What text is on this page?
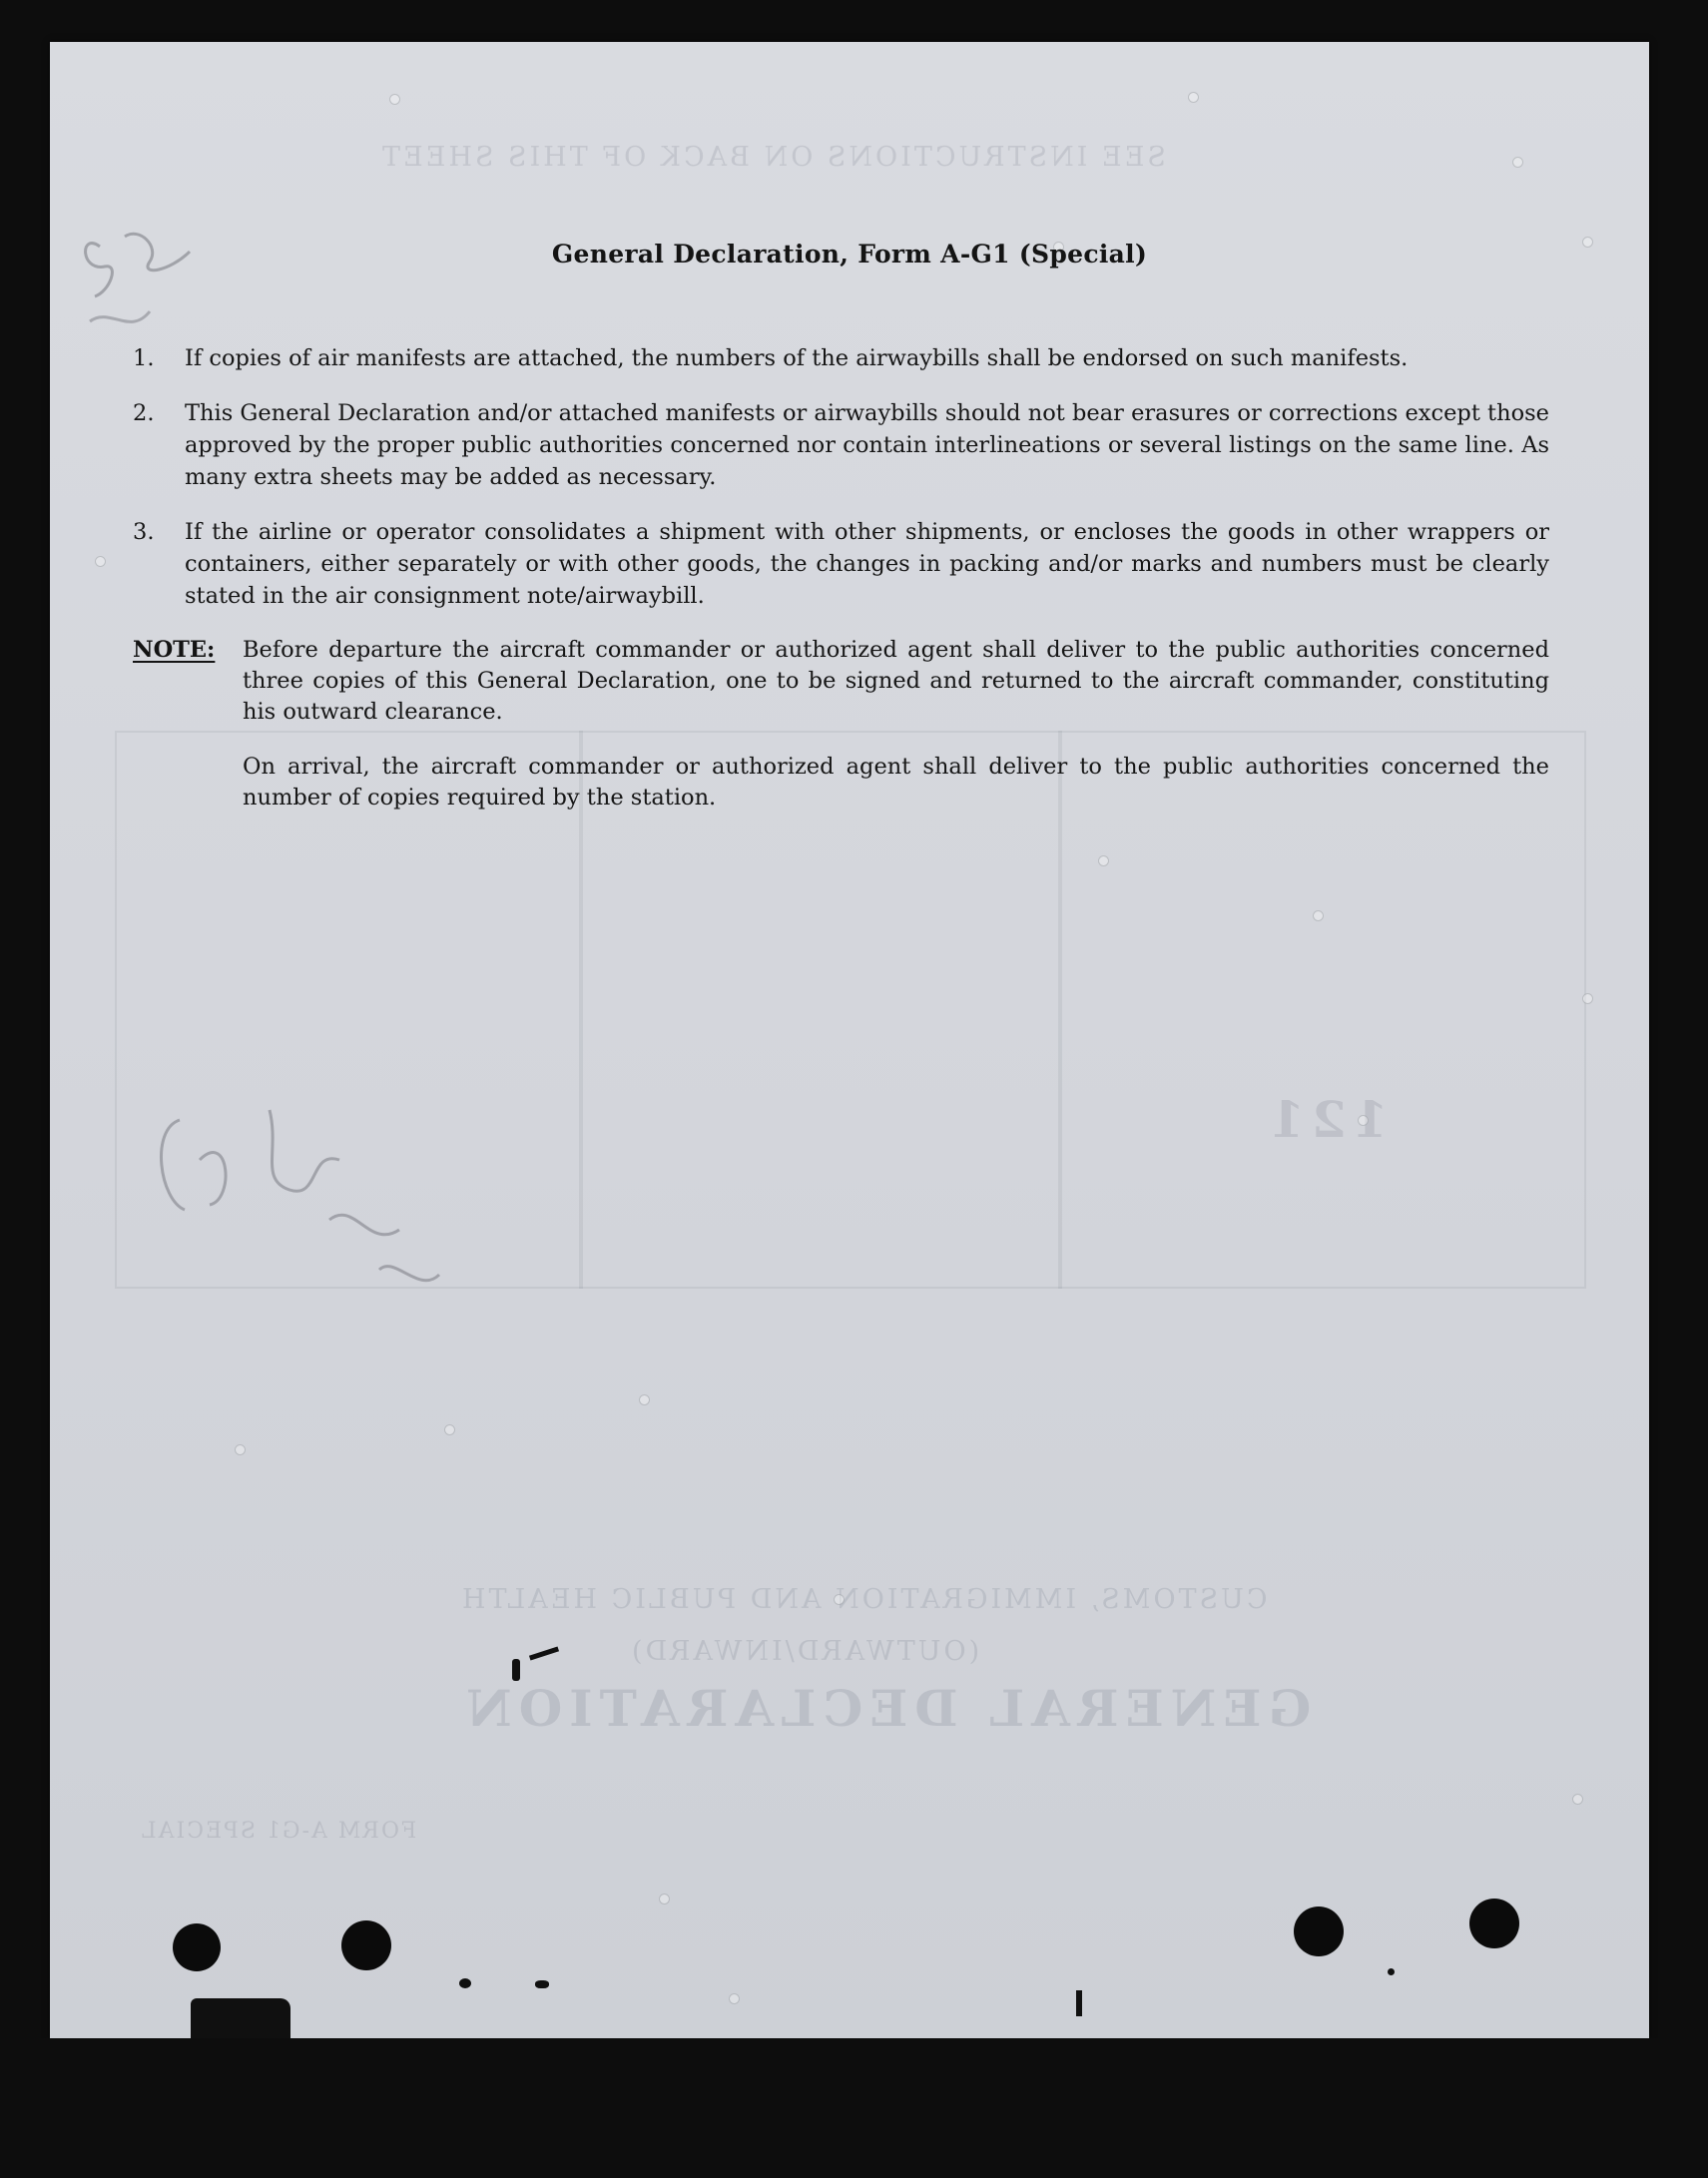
SEE INSTRUCTIONS ON BACK OF THIS SHEET
GENERAL DECLARATION
(OUTWARD/INWARD)
CUSTOMS, IMMIGRATION AND PUBLIC HEALTH
FORM A-G1 SPECIAL
121
General Declaration, Form A-G1 (Special)
1. If copies of air manifests are attached, the numbers of the airwaybills shall be endorsed on such manifests.
2. This General Declaration and/or attached manifests or airwaybills should not bear erasures or corrections except those approved by the proper public authorities concerned nor contain interlineations or several listings on the same line. As many extra sheets may be added as necessary.
3. If the airline or operator consolidates a shipment with other shipments, or encloses the goods in other wrappers or containers, either separately or with other goods, the changes in packing and/or marks and numbers must be clearly stated in the air consignment note/airwaybill.
NOTE: Before departure the aircraft commander or authorized agent shall deliver to the public authorities concerned three copies of this General Declaration, one to be signed and returned to the aircraft commander, constituting his outward clearance.
On arrival, the aircraft commander or authorized agent shall deliver to the public authorities concerned the number of copies required by the station.
